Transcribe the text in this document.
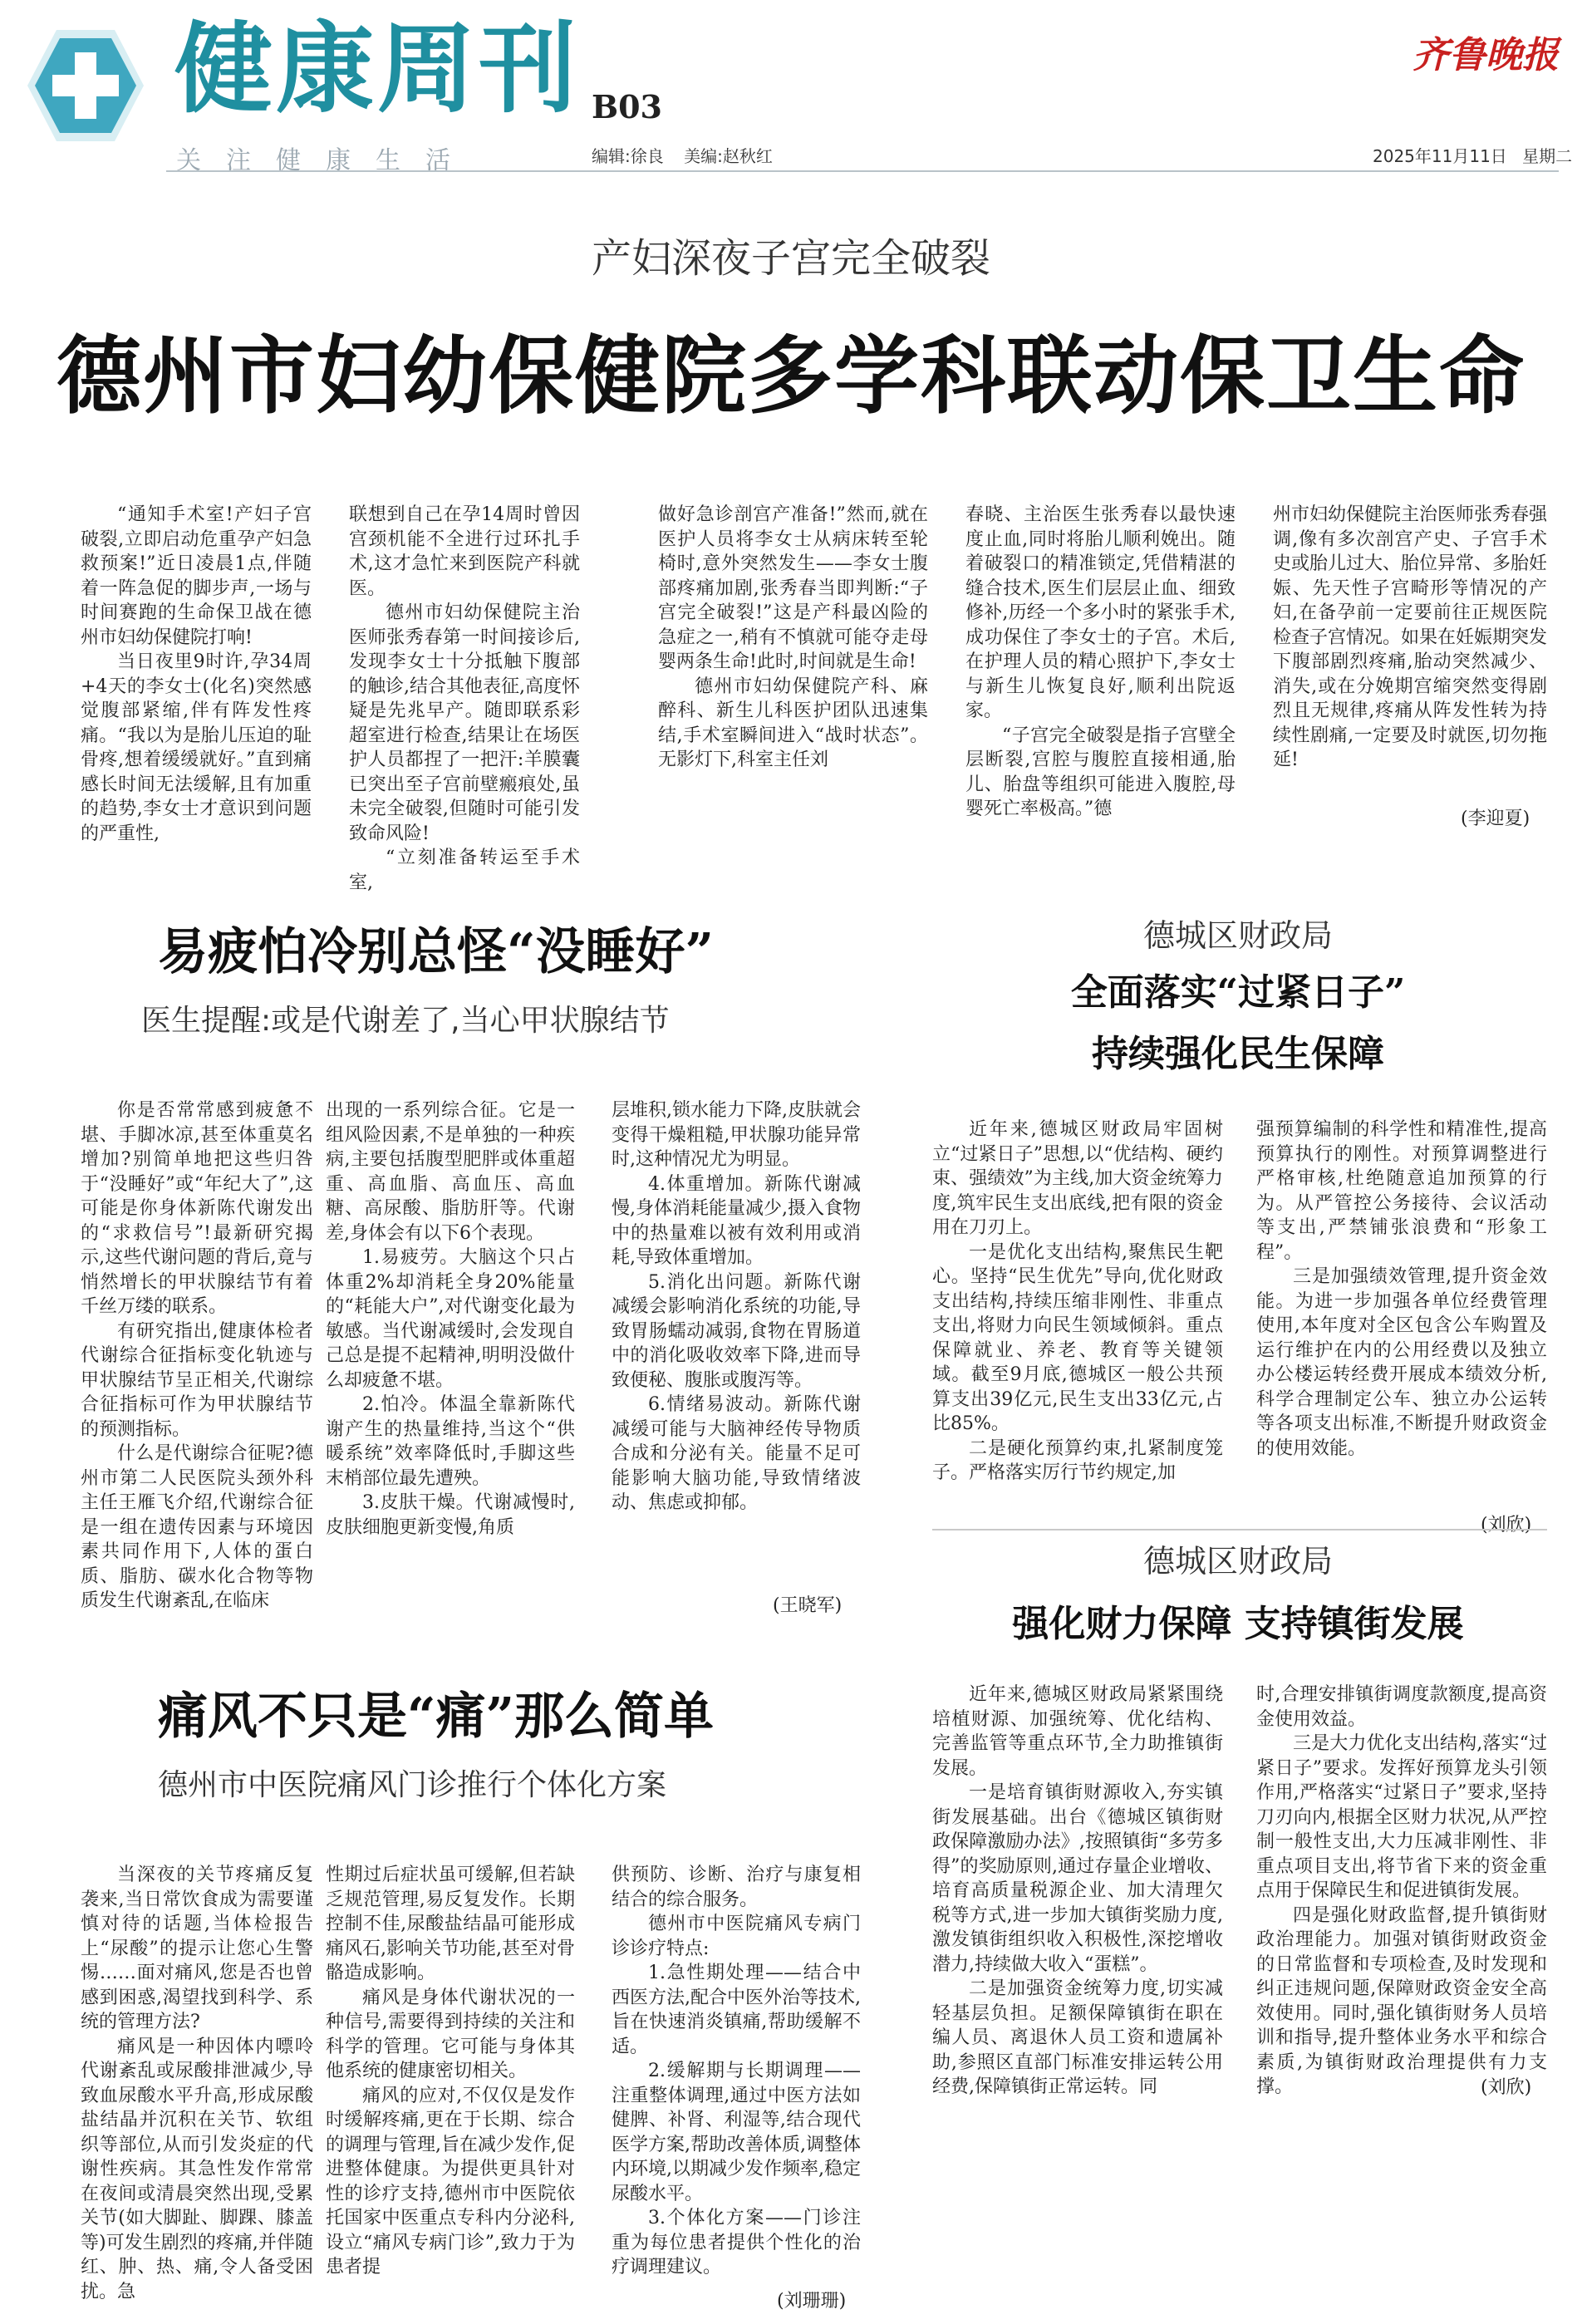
健康周刊 B03
关注健康生活	编辑:徐良 美编:赵秋红
齐鲁晚报
2025年11月11日 星期二
产妇深夜子宫完全破裂
德州市妇幼保健院多学科联动保卫生命

“通知手术室!产妇子宫破裂,立即启动危重孕产妇急救预案!”近日凌晨1点,伴随着一阵急促的脚步声,一场与时间赛跑的生命保卫战在德州市妇幼保健院打响!

当日夜里9时许,孕34周+4天的李女士(化名)突然感觉腹部紧缩,伴有阵发性疼痛。“我以为是胎儿压迫的耻骨疼,想着缓缓就好。”直到痛感长时间无法缓解,且有加重的趋势,李女士才意识到问题的严重性,

联想到自己在孕14周时曾因宫颈机能不全进行过环扎手术,这才急忙来到医院产科就医。

德州市妇幼保健院主治医师张秀春第一时间接诊后,发现李女士十分抵触下腹部的触诊,结合其他表征,高度怀疑是先兆早产。随即联系彩超室进行检查,结果让在场医护人员都捏了一把汗:羊膜囊已突出至子宫前壁瘢痕处,虽未完全破裂,但随时可能引发致命风险!

“立刻准备转运至手术室,

做好急诊剖宫产准备!”然而,就在医护人员将李女士从病床转至轮椅时,意外突然发生——李女士腹部疼痛加剧,张秀春当即判断:“子宫完全破裂!”这是产科最凶险的急症之一,稍有不慎就可能夺走母婴两条生命!此时,时间就是生命!

德州市妇幼保健院产科、麻醉科、新生儿科医护团队迅速集结,手术室瞬间进入“战时状态”。无影灯下,科室主任刘

春晓、主治医生张秀春以最快速度止血,同时将胎儿顺利娩出。随着破裂口的精准锁定,凭借精湛的缝合技术,医生们层层止血、细致修补,历经一个多小时的紧张手术,成功保住了李女士的子宫。术后,在护理人员的精心照护下,李女士与新生儿恢复良好,顺利出院返家。

“子宫完全破裂是指子宫壁全层断裂,宫腔与腹腔直接相通,胎儿、胎盘等组织可能进入腹腔,母婴死亡率极高。”德

州市妇幼保健院主治医师张秀春强调,像有多次剖宫产史、子宫手术史或胎儿过大、胎位异常、多胎妊娠、先天性子宫畸形等情况的产妇,在备孕前一定要前往正规医院检查子宫情况。如果在妊娠期突发下腹部剧烈疼痛,胎动突然减少、消失,或在分娩期宫缩突然变得剧烈且无规律,疼痛从阵发性转为持续性剧痛,一定要及时就医,切勿拖延!

(李迎夏)
易疲怕冷别总怪“没睡好”
医生提醒:或是代谢差了,当心甲状腺结节

你是否常常感到疲惫不堪、手脚冰凉,甚至体重莫名增加?别简单地把这些归咎于“没睡好”或“年纪大了”,这可能是你身体新陈代谢发出的“求救信号”!最新研究揭示,这些代谢问题的背后,竟与悄然增长的甲状腺结节有着千丝万缕的联系。

有研究指出,健康体检者代谢综合征指标变化轨迹与甲状腺结节呈正相关,代谢综合征指标可作为甲状腺结节的预测指标。

什么是代谢综合征呢?德州市第二人民医院头颈外科主任王雁飞介绍,代谢综合征是一组在遗传因素与环境因素共同作用下,人体的蛋白质、脂肪、碳水化合物等物质发生代谢紊乱,在临床

出现的一系列综合征。它是一组风险因素,不是单独的一种疾病,主要包括腹型肥胖或体重超重、高血脂、高血压、高血糖、高尿酸、脂肪肝等。代谢差,身体会有以下6个表现。

1.易疲劳。大脑这个只占体重2%却消耗全身20%能量的“耗能大户”,对代谢变化最为敏感。当代谢减缓时,会发现自己总是提不起精神,明明没做什么却疲惫不堪。

2.怕冷。体温全靠新陈代谢产生的热量维持,当这个“供暖系统”效率降低时,手脚这些末梢部位最先遭殃。

3.皮肤干燥。代谢减慢时,皮肤细胞更新变慢,角质

层堆积,锁水能力下降,皮肤就会变得干燥粗糙,甲状腺功能异常时,这种情况尤为明显。

4.体重增加。新陈代谢减慢,身体消耗能量减少,摄入食物中的热量难以被有效利用或消耗,导致体重增加。

5.消化出问题。新陈代谢减缓会影响消化系统的功能,导致胃肠蠕动减弱,食物在胃肠道中的消化吸收效率下降,进而导致便秘、腹胀或腹泻等。

6.情绪易波动。新陈代谢减缓可能与大脑神经传导物质合成和分泌有关。能量不足可能影响大脑功能,导致情绪波动、焦虑或抑郁。

(王晓军)
德城区财政局
全面落实“过紧日子”
持续强化民生保障

近年来,德城区财政局牢固树立“过紧日子”思想,以“优结构、硬约束、强绩效”为主线,加大资金统筹力度,筑牢民生支出底线,把有限的资金用在刀刃上。

一是优化支出结构,聚焦民生靶心。坚持“民生优先”导向,优化财政支出结构,持续压缩非刚性、非重点支出,将财力向民生领域倾斜。重点保障就业、养老、教育等关键领域。截至9月底,德城区一般公共预算支出39亿元,民生支出33亿元,占比85%。

二是硬化预算约束,扎紧制度笼子。严格落实厉行节约规定,加

强预算编制的科学性和精准性,提高预算执行的刚性。对预算调整进行严格审核,杜绝随意追加预算的行为。从严管控公务接待、会议活动等支出,严禁铺张浪费和“形象工程”。

三是加强绩效管理,提升资金效能。为进一步加强各单位经费管理使用,本年度对全区包含公车购置及运行维护在内的公用经费以及独立办公楼运转经费开展成本绩效分析,科学合理制定公车、独立办公运转等各项支出标准,不断提升财政资金的使用效能。

(刘欣)
德城区财政局
强化财力保障 支持镇街发展

近年来,德城区财政局紧紧围绕培植财源、加强统筹、优化结构、完善监管等重点环节,全力助推镇街发展。

一是培育镇街财源收入,夯实镇街发展基础。出台《德城区镇街财政保障激励办法》,按照镇街“多劳多得”的奖励原则,通过存量企业增收、培育高质量税源企业、加大清理欠税等方式,进一步加大镇街奖励力度,激发镇街组织收入积极性,深挖增收潜力,持续做大收入“蛋糕”。

二是加强资金统筹力度,切实减轻基层负担。足额保障镇街在职在编人员、离退休人员工资和遗属补助,参照区直部门标准安排运转公用经费,保障镇街正常运转。同

时,合理安排镇街调度款额度,提高资金使用效益。

三是大力优化支出结构,落实“过紧日子”要求。发挥好预算龙头引领作用,严格落实“过紧日子”要求,坚持刀刃向内,根据全区财力状况,从严控制一般性支出,大力压减非刚性、非重点项目支出,将节省下来的资金重点用于保障民生和促进镇街发展。

四是强化财政监督,提升镇街财政治理能力。加强对镇街财政资金的日常监督和专项检查,及时发现和纠正违规问题,保障财政资金安全高效使用。同时,强化镇街财务人员培训和指导,提升整体业务水平和综合素质,为镇街财政治理提供有力支撑。	(刘欣)
痛风不只是“痛”那么简单
德州市中医院痛风门诊推行个体化方案

当深夜的关节疼痛反复袭来,当日常饮食成为需要谨慎对待的话题,当体检报告上“尿酸”的提示让您心生警惕……面对痛风,您是否也曾感到困惑,渴望找到科学、系统的管理方法?

痛风是一种因体内嘌呤代谢紊乱或尿酸排泄减少,导致血尿酸水平升高,形成尿酸盐结晶并沉积在关节、软组织等部位,从而引发炎症的代谢性疾病。其急性发作常常在夜间或清晨突然出现,受累关节(如大脚趾、脚踝、膝盖等)可发生剧烈的疼痛,并伴随红、肿、热、痛,令人备受困扰。急

性期过后症状虽可缓解,但若缺乏规范管理,易反复发作。长期控制不佳,尿酸盐结晶可能形成痛风石,影响关节功能,甚至对骨骼造成影响。

痛风是身体代谢状况的一种信号,需要得到持续的关注和科学的管理。它可能与身体其他系统的健康密切相关。

痛风的应对,不仅仅是发作时缓解疼痛,更在于长期、综合的调理与管理,旨在减少发作,促进整体健康。为提供更具针对性的诊疗支持,德州市中医院依托国家中医重点专科内分泌科,设立“痛风专病门诊”,致力于为患者提

供预防、诊断、治疗与康复相结合的综合服务。

德州市中医院痛风专病门诊诊疗特点:

1.急性期处理——结合中西医方法,配合中医外治等技术,旨在快速消炎镇痛,帮助缓解不适。

2.缓解期与长期调理——注重整体调理,通过中医方法如健脾、补肾、利湿等,结合现代医学方案,帮助改善体质,调整体内环境,以期减少发作频率,稳定尿酸水平。

3.个体化方案——门诊注重为每位患者提供个性化的治疗调理建议。

(刘珊珊)
